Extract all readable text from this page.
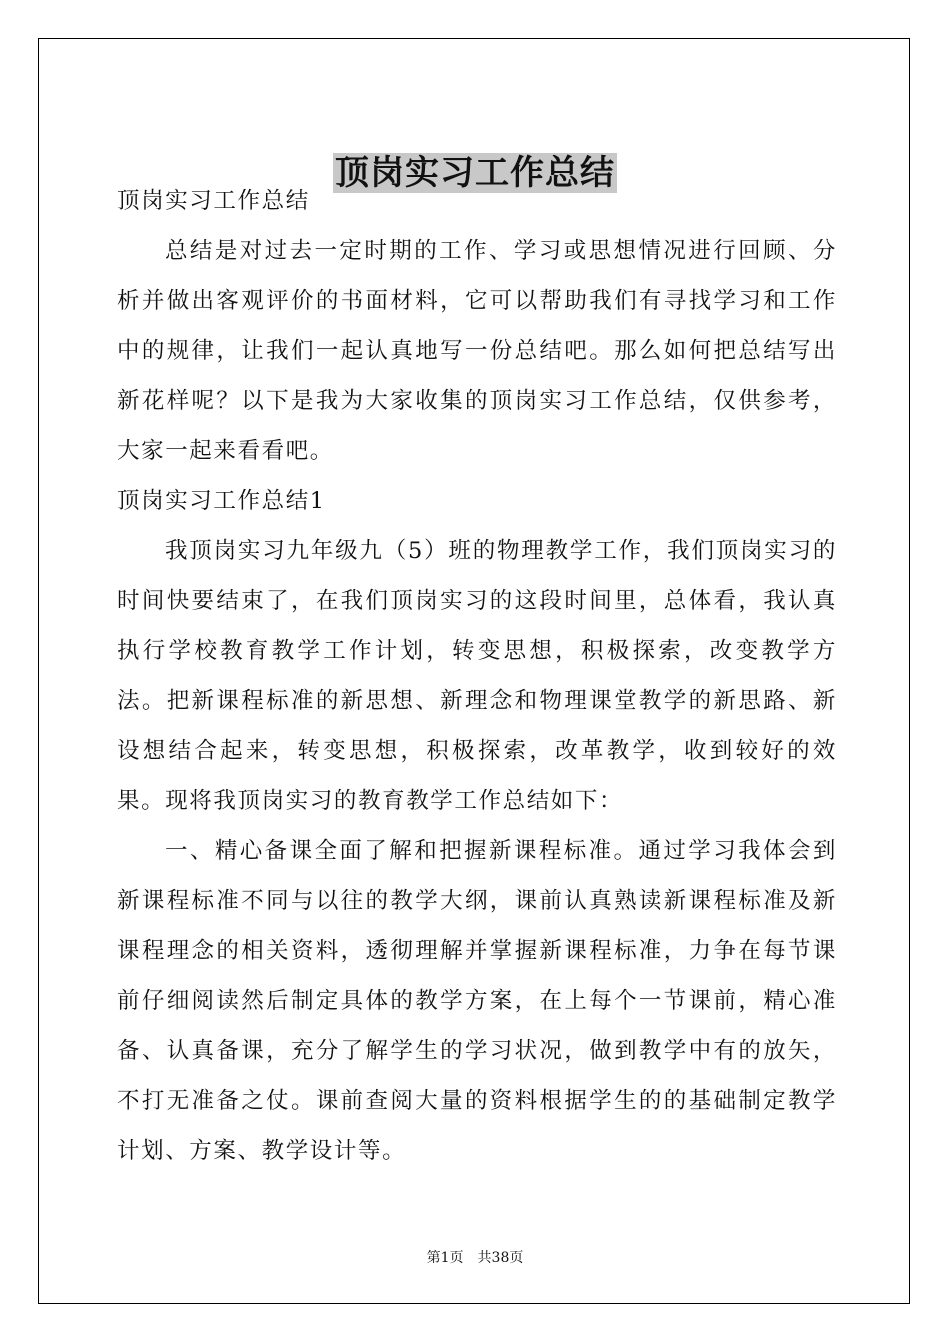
顶岗实习工作总结

顶岗实习工作总结

总结是对过去一定时期的工作、学习或思想情况进行回顾、分析并做出客观评价的书面材料，它可以帮助我们有寻找学习和工作中的规律，让我们一起认真地写一份总结吧。那么如何把总结写出新花样呢？以下是我为大家收集的顶岗实习工作总结，仅供参考，大家一起来看看吧。

顶岗实习工作总结1

我顶岗实习九年级九（5）班的物理教学工作，我们顶岗实习的时间快要结束了，在我们顶岗实习的这段时间里，总体看，我认真执行学校教育教学工作计划，转变思想，积极探索，改变教学方法。把新课程标准的新思想、新理念和物理课堂教学的新思路、新设想结合起来，转变思想，积极探索，改革教学，收到较好的效果。现将我顶岗实习的教育教学工作总结如下：

一、精心备课全面了解和把握新课程标准。通过学习我体会到新课程标准不同与以往的教学大纲，课前认真熟读新课程标准及新课程理念的相关资料，透彻理解并掌握新课程标准，力争在每节课前仔细阅读然后制定具体的教学方案，在上每个一节课前，精心准备、认真备课，充分了解学生的学习状况，做到教学中有的放矢，不打无准备之仗。课前查阅大量的资料根据学生的的基础制定教学计划、方案、教学设计等。

第1页　共38页
